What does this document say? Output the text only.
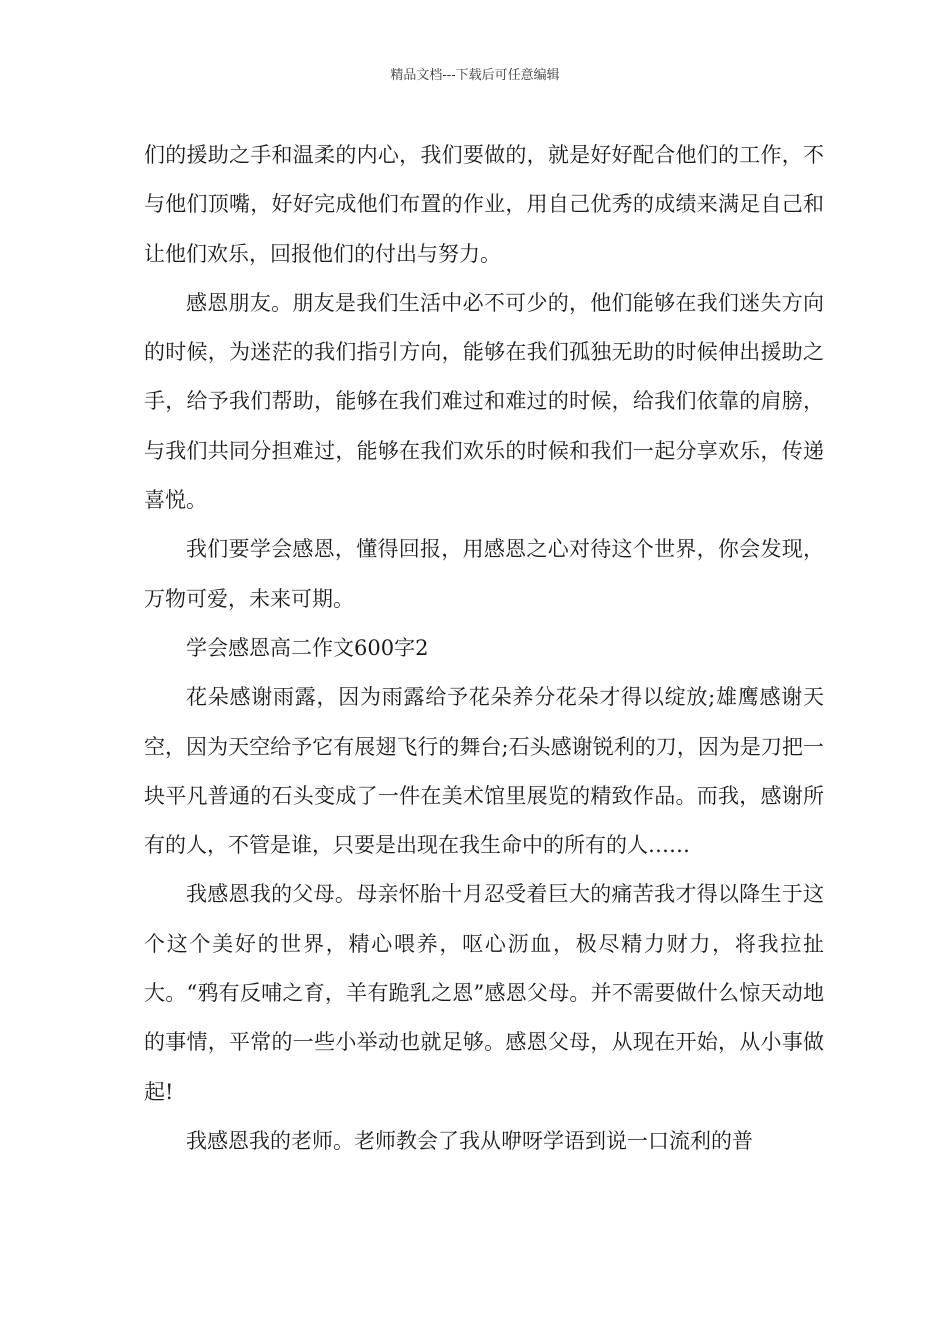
精品文档---下载后可任意编辑

们的援助之手和温柔的内心，我们要做的，就是好好配合他们的工作，不与他们顶嘴，好好完成他们布置的作业，用自己优秀的成绩来满足自己和让他们欢乐，回报他们的付出与努力。

感恩朋友。朋友是我们生活中必不可少的，他们能够在我们迷失方向的时候，为迷茫的我们指引方向，能够在我们孤独无助的时候伸出援助之手，给予我们帮助，能够在我们难过和难过的时候，给我们依靠的肩膀，与我们共同分担难过，能够在我们欢乐的时候和我们一起分享欢乐，传递喜悦。

我们要学会感恩，懂得回报，用感恩之心对待这个世界，你会发现，万物可爱，未来可期。

学会感恩高二作文600字2

花朵感谢雨露，因为雨露给予花朵养分花朵才得以绽放;雄鹰感谢天空，因为天空给予它有展翅飞行的舞台;石头感谢锐利的刀，因为是刀把一块平凡普通的石头变成了一件在美术馆里展览的精致作品。而我，感谢所有的人，不管是谁，只要是出现在我生命中的所有的人……

我感恩我的父母。母亲怀胎十月忍受着巨大的痛苦我才得以降生于这个这个美好的世界，精心喂养，呕心沥血，极尽精力财力，将我拉扯大。“鸦有反哺之育，羊有跪乳之恩”感恩父母。并不需要做什么惊天动地的事情，平常的一些小举动也就足够。感恩父母，从现在开始，从小事做起!

我感恩我的老师。老师教会了我从咿呀学语到说一口流利的普
